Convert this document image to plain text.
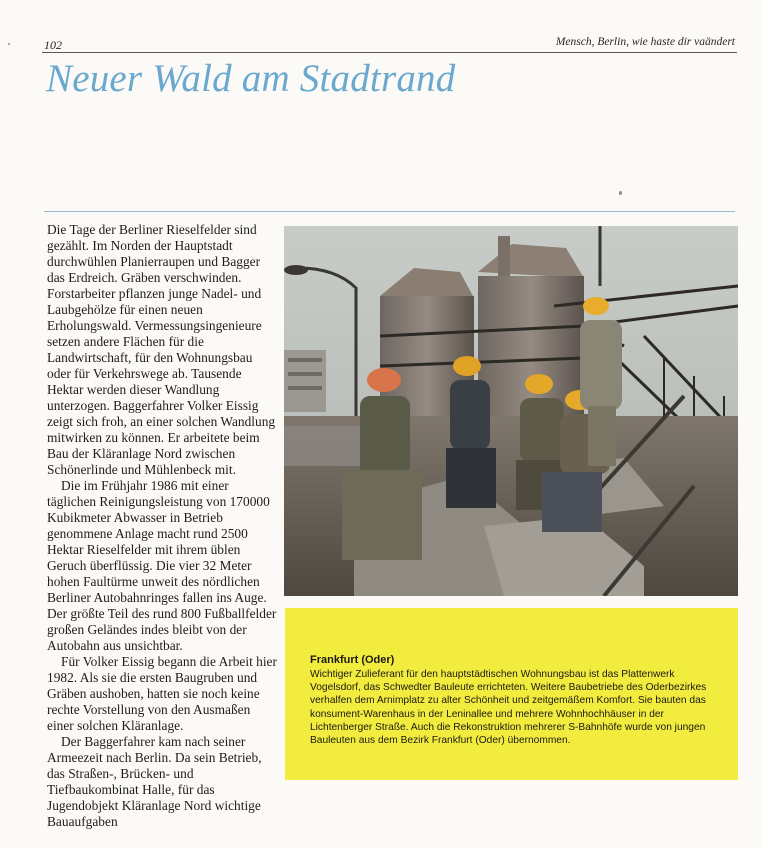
102	Mensch, Berlin, wie haste dir vaändert
Neuer Wald am Stadtrand

Die Tage der Berliner Rieselfelder sind gezählt. Im Norden der Hauptstadt durchwühlen Planierraupen und Bagger das Erdreich. Gräben verschwinden. Forstarbeiter pflanzen junge Nadel- und Laubgehölze für einen neuen Erholungswald. Vermessungsingenieure setzen andere Flächen für die Landwirtschaft, für den Wohnungsbau oder für Verkehrswege ab. Tausende Hektar werden dieser Wandlung unterzogen. Baggerfahrer Volker Eissig zeigt sich froh, an einer solchen Wandlung mitwirken zu können. Er arbeitete beim Bau der Kläranlage Nord zwischen Schönerlinde und Mühlenbeck mit.

Die im Frühjahr 1986 mit einer täglichen Reinigungsleistung von 170000 Kubikmeter Abwasser in Betrieb genommene Anlage macht rund 2500 Hektar Rieselfelder mit ihrem üblen Geruch überflüssig. Die vier 32 Meter hohen Faultürme unweit des nördlichen Berliner Autobahnringes fallen ins Auge. Der größte Teil des rund 800 Fußballfelder großen Geländes indes bleibt von der Autobahn aus unsichtbar.

Für Volker Eissig begann die Arbeit hier 1982. Als sie die ersten Baugruben und Gräben aushoben, hatten sie noch keine rechte Vorstellung von den Ausmaßen einer solchen Kläranlage.

Der Baggerfahrer kam nach seiner Armeezeit nach Berlin. Da sein Betrieb, das Straßen-, Brücken- und Tiefbaukombinat Halle, für das Jugendobjekt Kläranlage Nord wichtige Bauaufgaben

Frankfurt (Oder)
Wichtiger Zulieferant für den hauptstädtischen Wohnungsbau ist das Plattenwerk Vogelsdorf, das Schwedter Bauleute errichteten. Weitere Baubetriebe des Oderbezirkes verhalfen dem Arnimplatz zu alter Schönheit und zeitgemäßem Komfort. Sie bauten das konsument-Warenhaus in der Leninallee und mehrere Wohnhochhäuser in der Lichtenberger Straße. Auch die Rekonstruktion mehrerer S-Bahnhöfe wurde von jungen Bauleuten aus dem Bezirk Frankfurt (Oder) übernommen.
